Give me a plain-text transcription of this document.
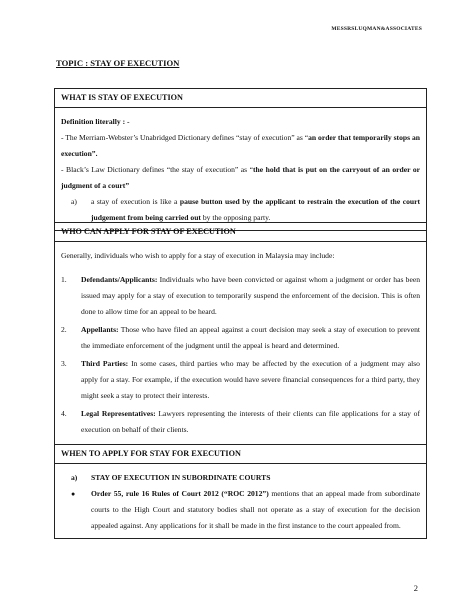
MESSRSLUQMAN&ASSOCIATES
TOPIC : STAY OF EXECUTION
WHAT IS STAY OF EXECUTION

Definition literally : -

- The Merriam-Webster’s Unabridged Dictionary defines “stay of execution” as “an order that temporarily stops an execution”.

- Black’s Law Dictionary defines “the stay of execution” as “the hold that is put on the carryout of an order or judgment of a court”

a) a stay of execution is like a pause button used by the applicant to restrain the execution of the court judgement from being carried out by the opposing party.
WHO CAN APPLY FOR STAY OF EXECUTION

Generally, individuals who wish to apply for a stay of execution in Malaysia may include:

1. Defendants/Applicants: Individuals who have been convicted or against whom a judgment or order has been issued may apply for a stay of execution to temporarily suspend the enforcement of the decision. This is often done to allow time for an appeal to be heard.
2. Appellants: Those who have filed an appeal against a court decision may seek a stay of execution to prevent the immediate enforcement of the judgment until the appeal is heard and determined.
3. Third Parties: In some cases, third parties who may be affected by the execution of a judgment may also apply for a stay. For example, if the execution would have severe financial consequences for a third party, they might seek a stay to protect their interests.
4. Legal Representatives: Lawyers representing the interests of their clients can file applications for a stay of execution on behalf of their clients.
WHEN TO APPLY FOR STAY FOR EXECUTION
a) STAY OF EXECUTION IN SUBORDINATE COURTS
● Order 55, rule 16 Rules of Court 2012 (“ROC 2012”) mentions that an appeal made from subordinate courts to the High Court and statutory bodies shall not operate as a stay of execution for the decision appealed against. Any applications for it shall be made in the first instance to the court appealed from.
2
